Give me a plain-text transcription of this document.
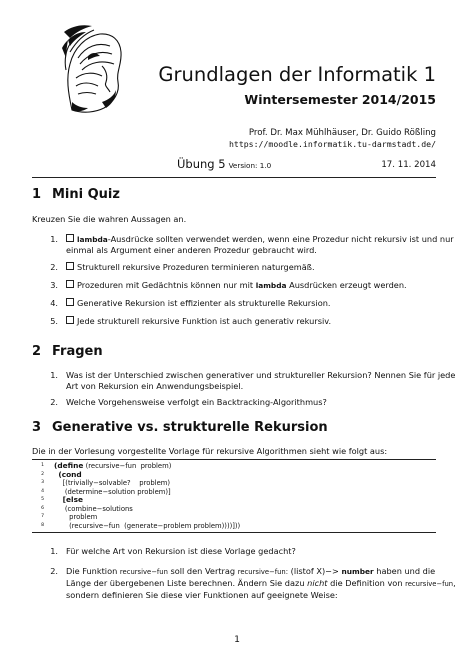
Grundlagen der Informatik 1
Wintersemester 2014/2015
Prof. Dr. Max Mühlhäuser, Dr. Guido Rößling
https://moodle.informatik.tu-darmstadt.de/
Übung 5 Version: 1.0	17. 11. 2014
1 Mini Quiz
Kreuzen Sie die wahren Aussagen an.
1.	lambda-Ausdrücke sollten verwendet werden, wenn eine Prozedur nicht rekursiv ist und nur
einmal als Argument einer anderen Prozedur gebraucht wird.
2.	Strukturell rekursive Prozeduren terminieren naturgemäß.
3.	Prozeduren mit Gedächtnis können nur mit lambda Ausdrücken erzeugt werden.
4.	Generative Rekursion ist effizienter als strukturelle Rekursion.
5.	Jede strukturell rekursive Funktion ist auch generativ rekursiv.
2 Fragen
1. Was ist der Unterschied zwischen generativer und struktureller Rekursion? Nennen Sie für jede
Art von Rekursion ein Anwendungsbeispiel.
2. Welche Vorgehensweise verfolgt ein Backtracking-Algorithmus?
3 Generative vs. strukturelle Rekursion
Die in der Vorlesung vorgestellte Vorlage für rekursive Algorithmen sieht wie folgt aus:
1 (define (recursive−fun  problem)
2	(cond
3	[(trivially−solvable?    problem)
4	(determine−solution problem)]
5	[else
6	(combine−solutions
7	problem
8	(recursive−fun  (generate−problem problem))))]))
1. Für welche Art von Rekursion ist diese Vorlage gedacht?
2. Die Funktion recursive−fun soll den Vertrag recursive−fun: (listof X)−> number haben und die
Länge der übergebenen Liste berechnen. Ändern Sie dazu nicht die Definition von recursive−fun,
sondern definieren Sie diese vier Funktionen auf geeignete Weise:
1
